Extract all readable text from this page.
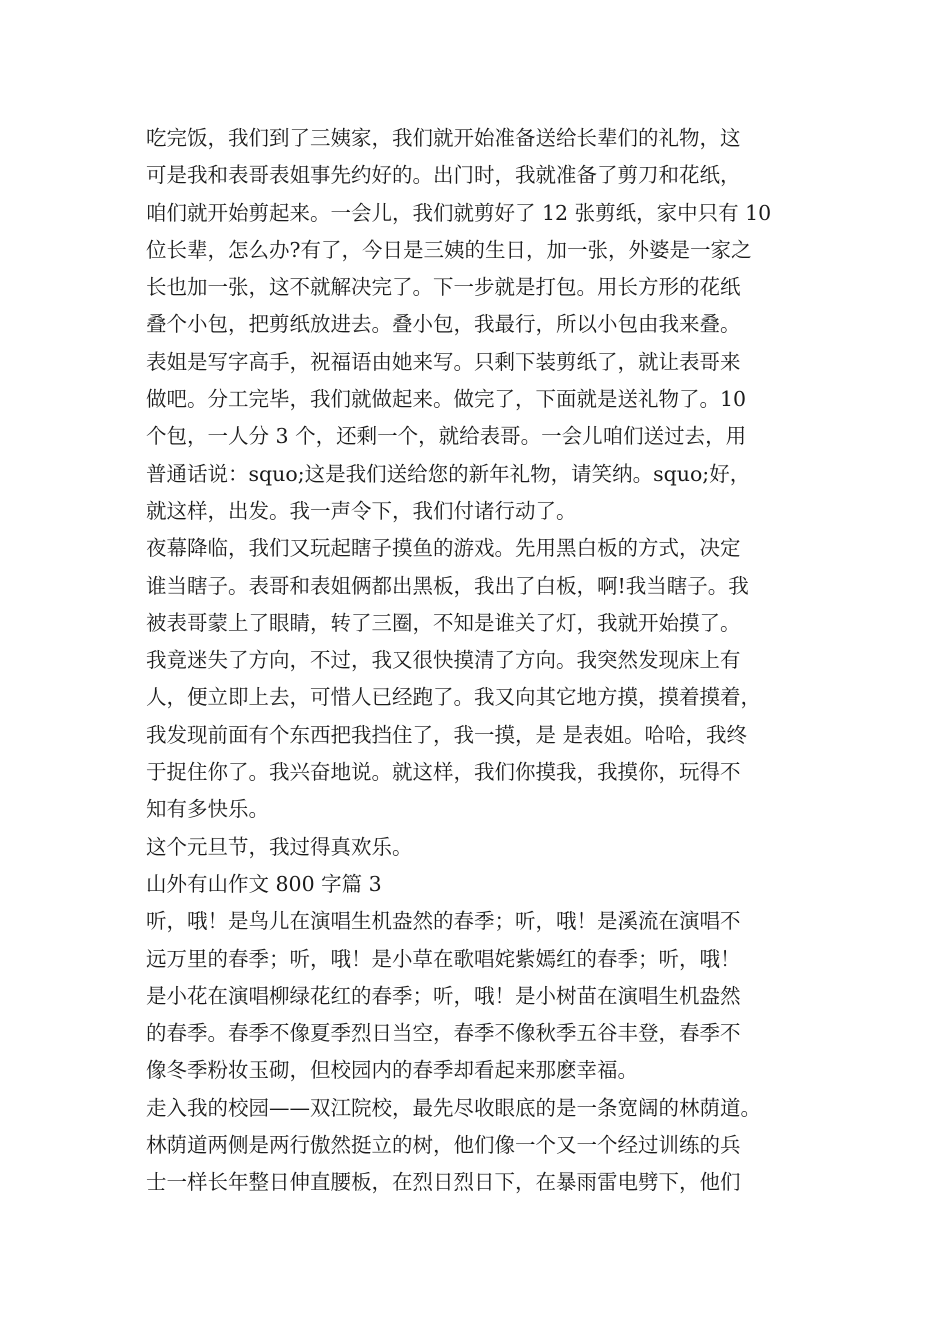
吃完饭，我们到了三姨家，我们就开始准备送给长辈们的礼物，这
可是我和表哥表姐事先约好的。出门时，我就准备了剪刀和花纸，
咱们就开始剪起来。一会儿，我们就剪好了 12 张剪纸，家中只有 10
位长辈，怎么办?有了，今日是三姨的生日，加一张，外婆是一家之
长也加一张，这不就解决完了。下一步就是打包。用长方形的花纸
叠个小包，把剪纸放进去。叠小包，我最行，所以小包由我来叠。
表姐是写字高手，祝福语由她来写。只剩下装剪纸了，就让表哥来
做吧。分工完毕，我们就做起来。做完了，下面就是送礼物了。10
个包，一人分 3 个，还剩一个，就给表哥。一会儿咱们送过去，用
普通话说：squo;这是我们送给您的新年礼物，请笑纳。squo;好，
就这样，出发。我一声令下，我们付诸行动了。
夜幕降临，我们又玩起瞎子摸鱼的游戏。先用黑白板的方式，决定
谁当瞎子。表哥和表姐俩都出黑板，我出了白板，啊!我当瞎子。我
被表哥蒙上了眼睛，转了三圈，不知是谁关了灯，我就开始摸了。
我竟迷失了方向，不过，我又很快摸清了方向。我突然发现床上有
人，便立即上去，可惜人已经跑了。我又向其它地方摸，摸着摸着，
我发现前面有个东西把我挡住了，我一摸，是 是表姐。哈哈，我终
于捉住你了。我兴奋地说。就这样，我们你摸我，我摸你，玩得不
知有多快乐。
这个元旦节，我过得真欢乐。
山外有山作文 800 字篇 3
听，哦！是鸟儿在演唱生机盎然的春季；听，哦！是溪流在演唱不
远万里的春季；听，哦！是小草在歌唱姹紫嫣红的春季；听，哦！
是小花在演唱柳绿花红的春季；听，哦！是小树苗在演唱生机盎然
的春季。春季不像夏季烈日当空，春季不像秋季五谷丰登，春季不
像冬季粉妆玉砌，但校园内的春季却看起来那麽幸福。
走入我的校园——双江院校，最先尽收眼底的是一条宽阔的林荫道。
林荫道两侧是两行傲然挺立的树，他们像一个又一个经过训练的兵
士一样长年整日伸直腰板，在烈日烈日下，在暴雨雷电劈下，他们
